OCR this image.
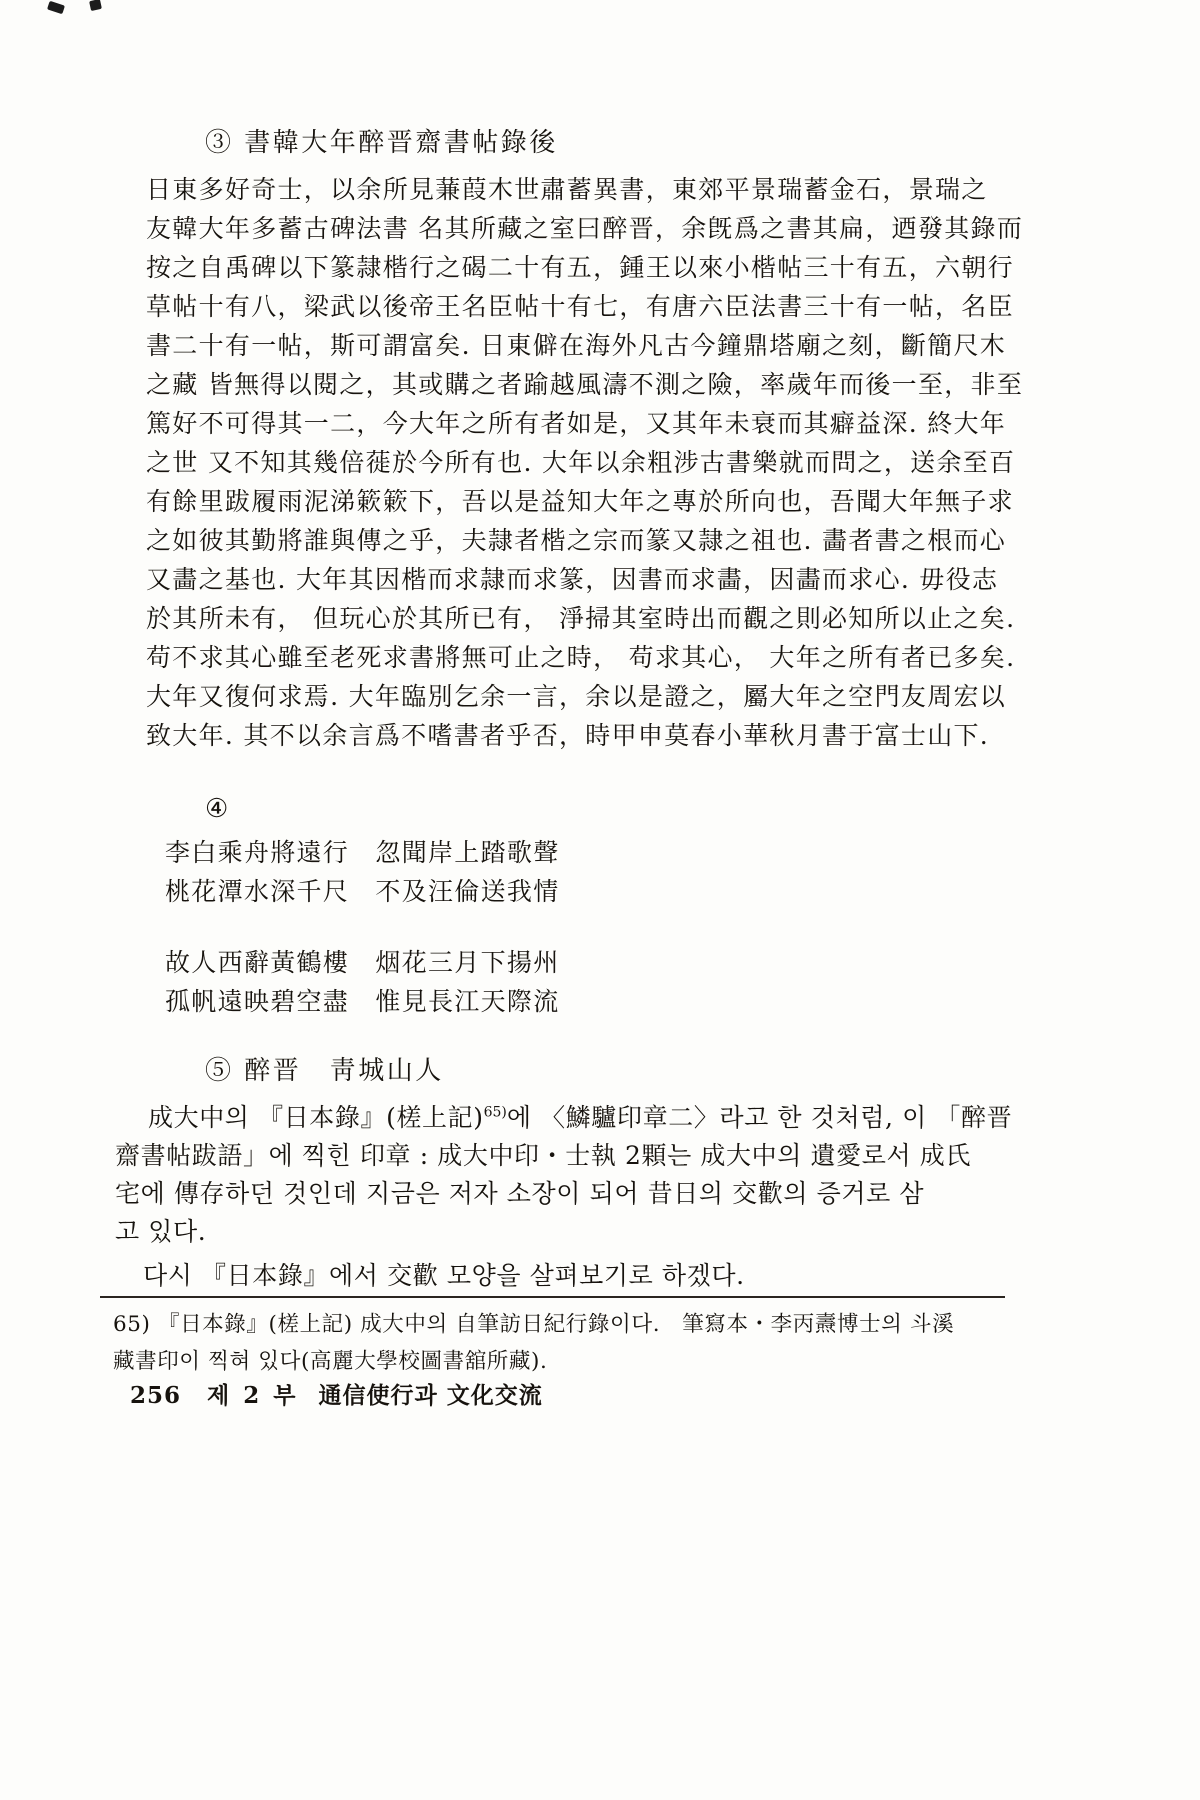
③ 書韓大年醉晋齋書帖錄後
日東多好奇士，以余所見蒹葭木世肅蓄異書，東郊平景瑞蓄金石，景瑞之
友韓大年多蓄古碑法書 名其所藏之室曰醉晋，余旣爲之書其扁，迺發其錄而
按之自禹碑以下篆隷楷行之碣二十有五，鍾王以來小楷帖三十有五，六朝行
草帖十有八，梁武以後帝王名臣帖十有七，有唐六臣法書三十有一帖，名臣
書二十有一帖，斯可謂富矣. 日東僻在海外凡古今鐘鼎塔廟之刻，斷簡尺木
之藏 皆無得以閱之，其或購之者踰越風濤不測之險，率歲年而後一至，非至
篤好不可得其一二，今大年之所有者如是，又其年未衰而其癖益深. 終大年
之世 又不知其幾倍蓰於今所有也. 大年以余粗涉古書樂就而問之，送余至百
有餘里跋履雨泥涕簌簌下，吾以是益知大年之專於所向也，吾聞大年無子求
之如彼其勤將誰與傳之乎，夫隷者楷之宗而篆又隷之祖也. 畵者書之根而心
又畵之基也. 大年其因楷而求隷而求篆，因書而求畵，因畵而求心. 毋役志
於其所未有， 但玩心於其所已有， 淨掃其室時出而觀之則必知所以止之矣.
苟不求其心雖至老死求書將無可止之時， 苟求其心， 大年之所有者已多矣.
大年又復何求焉. 大年臨別乞余一言，余以是證之，屬大年之空門友周宏以
致大年. 其不以余言爲不嗜書者乎否，時甲申莫春小華秋月書于富士山下.
④
李白乘舟將遠行　忽聞岸上踏歌聲
桃花潭水深千尺　不及汪倫送我情
故人西辭黃鶴樓　烟花三月下揚州
孤帆遠映碧空盡　惟見長江天際流
⑤ 醉晋　靑城山人
成大中의 『日本錄』(槎上記)$^{65)}$에 〈鱗驢印章二〉라고 한 것처럼, 이 「醉晋
齋書帖跋語」에 찍힌 印章 : 成大中印・士執 2顆는 成大中의 遺愛로서 成氏
宅에 傳存하던 것인데 지금은 저자 소장이 되어 昔日의 交歡의 증거로 삼
고 있다.
다시 『日本錄』에서 交歡 모양을 살펴보기로 하겠다.
65) 『日本錄』(槎上記) 成大中의 自筆訪日紀行錄이다.　筆寫本・李丙燾博士의 斗溪
藏書印이 찍혀 있다(高麗大學校圖書舘所藏).
256 제 2 부 通信使行과 文化交流
